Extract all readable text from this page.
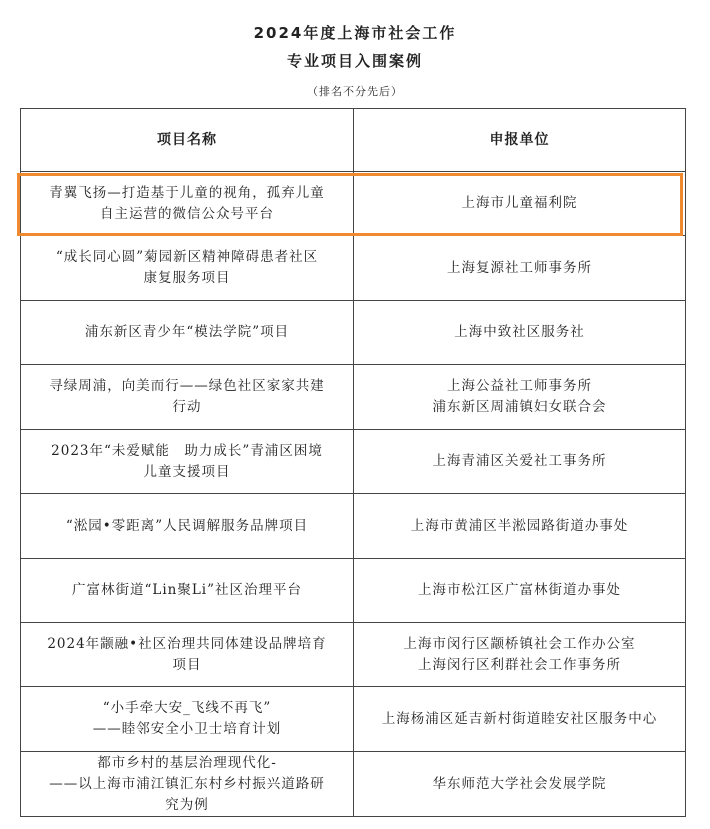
2024年度上海市社会工作
专业项目入围案例
（排名不分先后）
项目名称	申报单位

青翼飞扬—打造基于儿童的视角，孤弃儿童
自主运营的微信公众号平台	上海市儿童福利院

“成长同心圆”菊园新区精神障碍患者社区
康复服务项目	上海复源社工师事务所

浦东新区青少年“模法学院”项目	上海中致社区服务社

寻绿周浦，向美而行——绿色社区家家共建
行动	上海公益社工师事务所
浦东新区周浦镇妇女联合会

2023年“未爱赋能　助力成长”青浦区困境
儿童支援项目	上海青浦区关爱社工事务所

“淞园•零距离”人民调解服务品牌项目	上海市黄浦区半淞园路街道办事处

广富林街道“Lin聚Li”社区治理平台	上海市松江区广富林街道办事处

2024年颛融•社区治理共同体建设品牌培育
项目	上海市闵行区颛桥镇社会工作办公室
上海闵行区利群社会工作事务所

“小手牵大安_飞线不再飞”
——睦邻安全小卫士培育计划	上海杨浦区延吉新村街道睦安社区服务中心

都市乡村的基层治理现代化-
——以上海市浦江镇汇东村乡村振兴道路研
究为例	华东师范大学社会发展学院
